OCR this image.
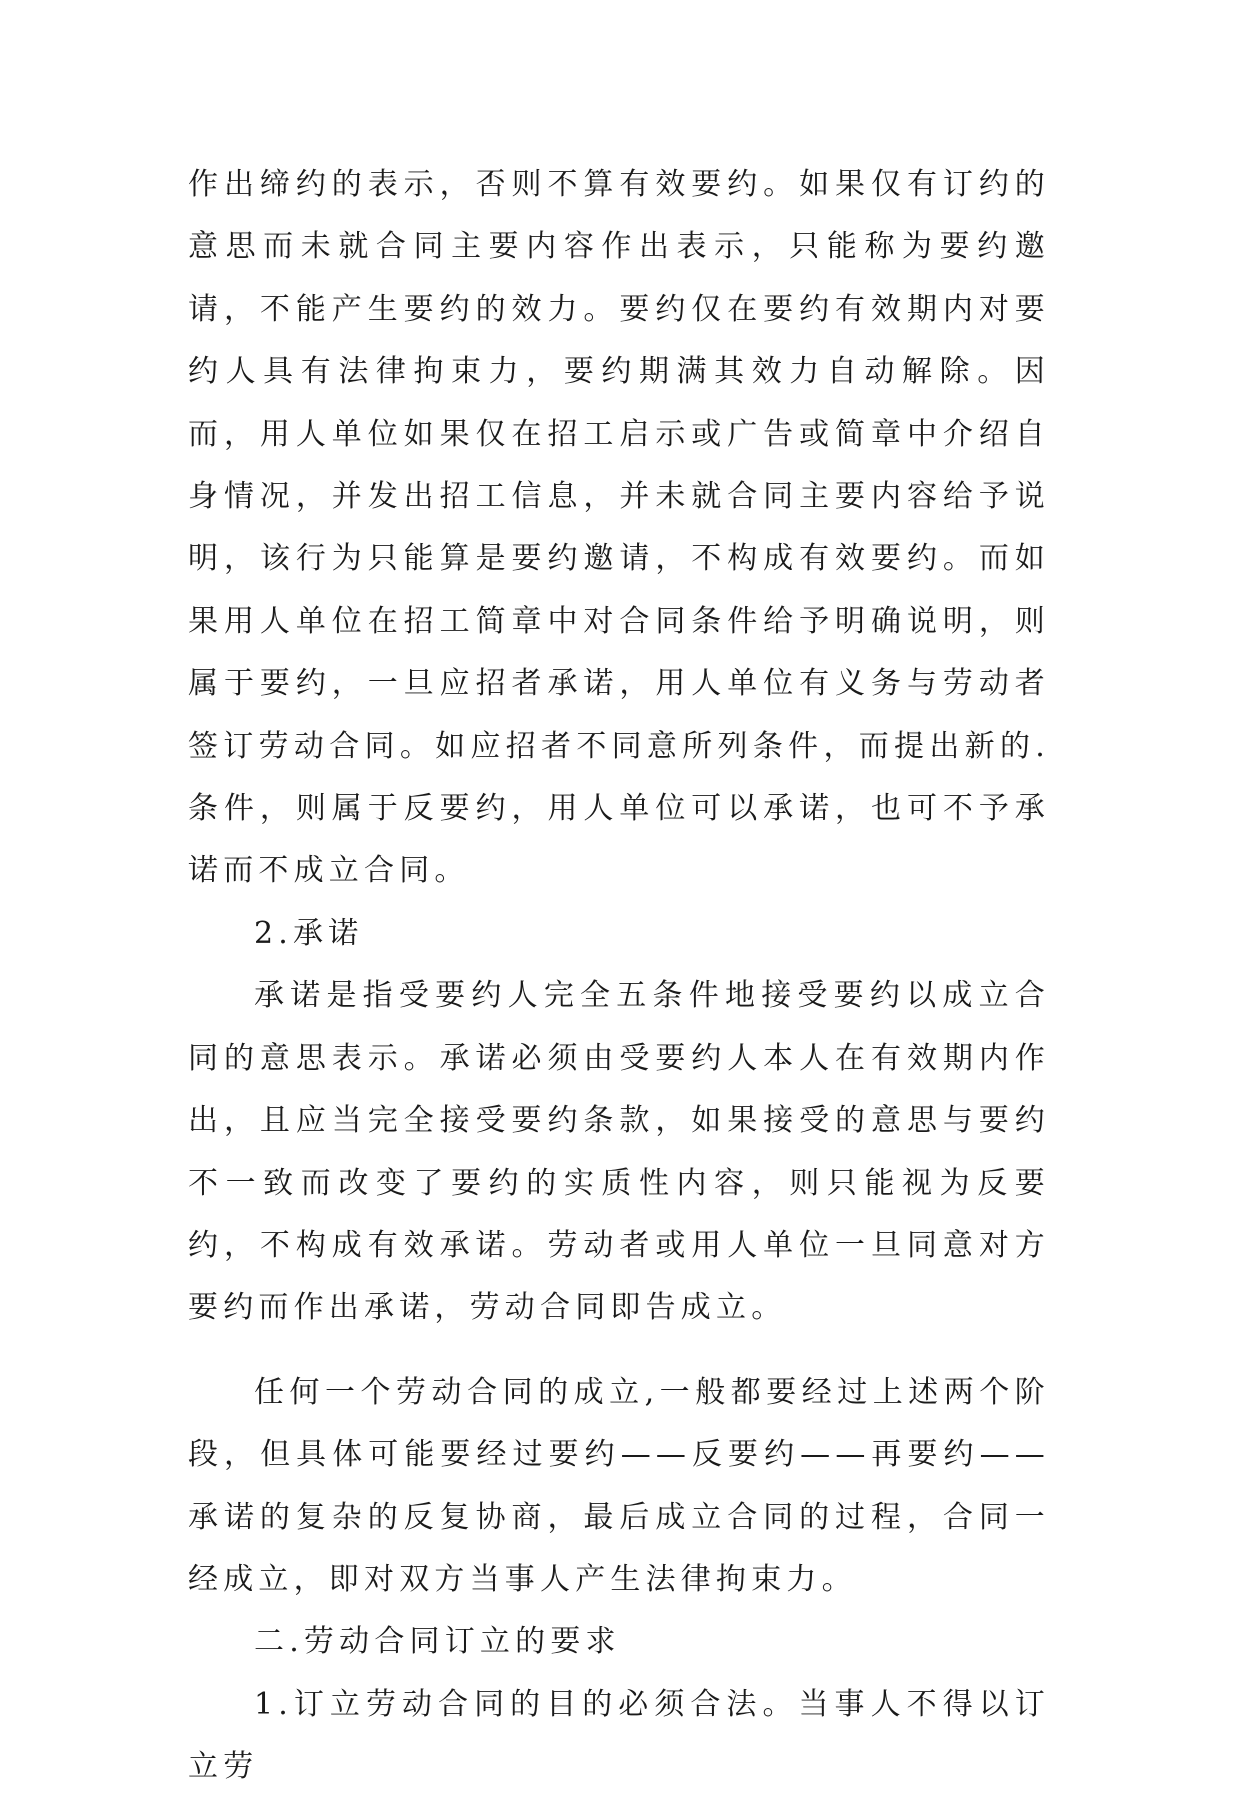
作出缔约的表示，否则不算有效要约。如果仅有订约的意思而未就合同主要内容作出表示，只能称为要约邀请，不能产生要约的效力。要约仅在要约有效期内对要约人具有法律拘束力，要约期满其效力自动解除。因而，用人单位如果仅在招工启示或广告或简章中介绍自身情况，并发出招工信息，并未就合同主要内容给予说明，该行为只能算是要约邀请，不构成有效要约。而如果用人单位在招工简章中对合同条件给予明确说明，则属于要约，一旦应招者承诺，用人单位有义务与劳动者签订劳动合同。如应招者不同意所列条件，而提出新的.条件，则属于反要约，用人单位可以承诺，也可不予承诺而不成立合同。

2.承诺

承诺是指受要约人完全五条件地接受要约以成立合同的意思表示。承诺必须由受要约人本人在有效期内作出，且应当完全接受要约条款，如果接受的意思与要约不一致而改变了要约的实质性内容，则只能视为反要约，不构成有效承诺。劳动者或用人单位一旦同意对方要约而作出承诺，劳动合同即告成立。

任何一个劳动合同的成立,一般都要经过上述两个阶段，但具体可能要经过要约——反要约——再要约——承诺的复杂的反复协商，最后成立合同的过程，合同一经成立，即对双方当事人产生法律拘束力。

二.劳动合同订立的要求

1.订立劳动合同的目的必须合法。当事人不得以订立劳
